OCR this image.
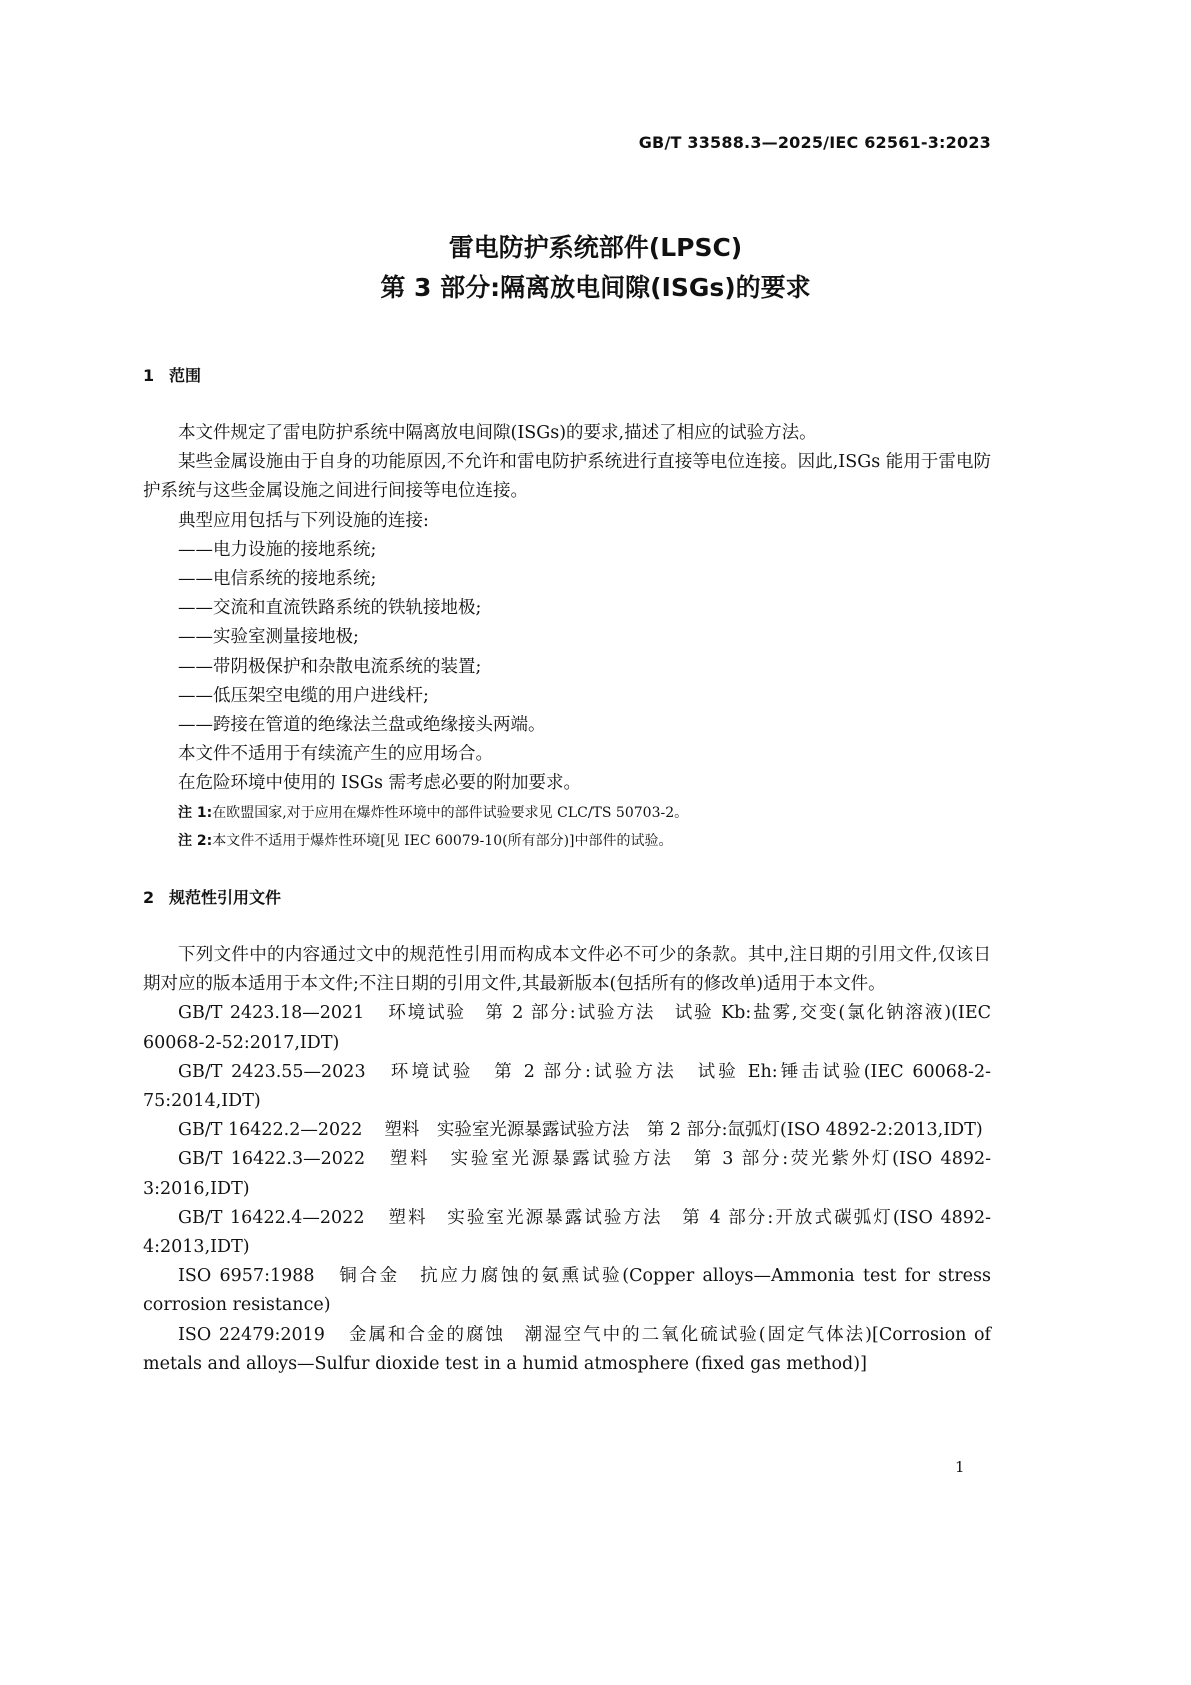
GB/T 33588.3—2025/IEC 62561-3:2023
雷电防护系统部件(LPSC)
第 3 部分:隔离放电间隙(ISGs)的要求
1 范围

本文件规定了雷电防护系统中隔离放电间隙(ISGs)的要求,描述了相应的试验方法。

某些金属设施由于自身的功能原因,不允许和雷电防护系统进行直接等电位连接。因此,ISGs 能用于雷电防护系统与这些金属设施之间进行间接等电位连接。

典型应用包括与下列设施的连接:

——电力设施的接地系统;

——电信系统的接地系统;

——交流和直流铁路系统的铁轨接地极;

——实验室测量接地极;

——带阴极保护和杂散电流系统的装置;

——低压架空电缆的用户进线杆;

——跨接在管道的绝缘法兰盘或绝缘接头两端。

本文件不适用于有续流产生的应用场合。

在危险环境中使用的 ISGs 需考虑必要的附加要求。

注 1:在欧盟国家,对于应用在爆炸性环境中的部件试验要求见 CLC/TS 50703-2。

注 2:本文件不适用于爆炸性环境[见 IEC 60079-10(所有部分)]中部件的试验。

2 规范性引用文件

下列文件中的内容通过文中的规范性引用而构成本文件必不可少的条款。其中,注日期的引用文件,仅该日期对应的版本适用于本文件;不注日期的引用文件,其最新版本(包括所有的修改单)适用于本文件。

GB/T 2423.18—2021 环境试验　第 2 部分:试验方法　试验 Kb:盐雾,交变(氯化钠溶液)(IEC 60068-2-52:2017,IDT)

GB/T 2423.55—2023 环境试验　第 2 部分:试验方法　试验 Eh:锤击试验(IEC 60068-2-75:2014,IDT)

GB/T 16422.2—2022 塑料　实验室光源暴露试验方法　第 2 部分:氙弧灯(ISO 4892-2:2013,IDT)

GB/T 16422.3—2022 塑料　实验室光源暴露试验方法　第 3 部分:荧光紫外灯(ISO 4892-3:2016,IDT)

GB/T 16422.4—2022 塑料　实验室光源暴露试验方法　第 4 部分:开放式碳弧灯(ISO 4892-4:2013,IDT)

ISO 6957:1988 铜合金　抗应力腐蚀的氨熏试验(Copper alloys—Ammonia test for stress corrosion resistance)

ISO 22479:2019 金属和合金的腐蚀　潮湿空气中的二氧化硫试验(固定气体法)[Corrosion of metals and alloys—Sulfur dioxide test in a humid atmosphere (fixed gas method)]

1
